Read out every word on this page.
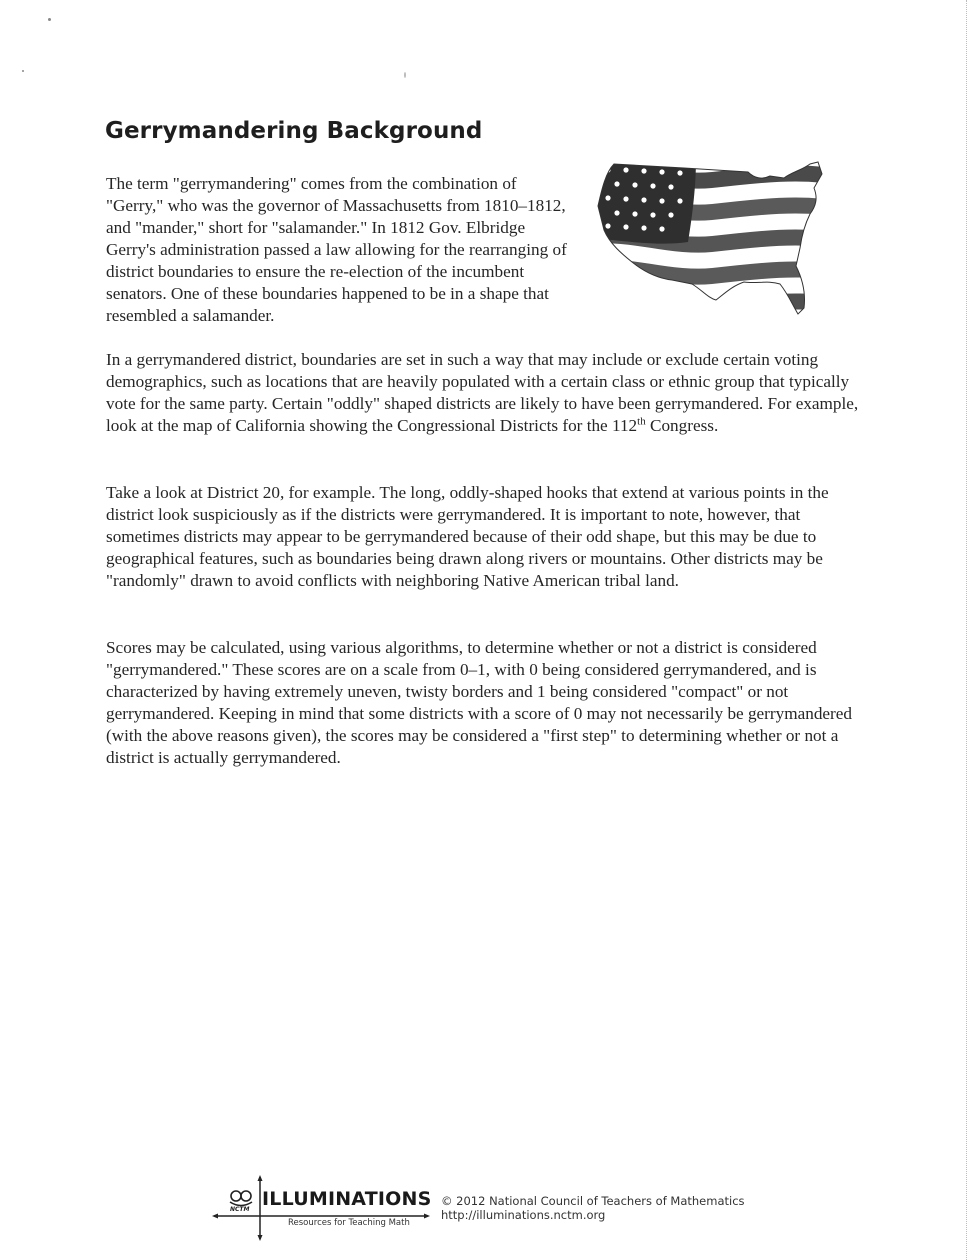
Gerrymandering Background

The term "gerrymandering" comes from the combination of "Gerry," who was the governor of Massachusetts from 1810–1812, and "mander," short for "salamander." In 1812 Gov. Elbridge Gerry's administration passed a law allowing for the rearranging of district boundaries to ensure the re-election of the incumbent senators. One of these boundaries happened to be in a shape that resembled a salamander.

In a gerrymandered district, boundaries are set in such a way that may include or exclude certain voting demographics, such as locations that are heavily populated with a certain class or ethnic group that typically vote for the same party. Certain "oddly" shaped districts are likely to have been gerrymandered. For example, look at the map of California showing the Congressional Districts for the 112th Congress.

Take a look at District 20, for example. The long, oddly-shaped hooks that extend at various points in the district look suspiciously as if the districts were gerrymandered. It is important to note, however, that sometimes districts may appear to be gerrymandered because of their odd shape, but this may be due to geographical features, such as boundaries being drawn along rivers or mountains. Other districts may be "randomly" drawn to avoid conflicts with neighboring Native American tribal land.

Scores may be calculated, using various algorithms, to determine whether or not a district is considered "gerrymandered." These scores are on a scale from 0–1, with 0 being considered gerrymandered, and is characterized by having extremely uneven, twisty borders and 1 being considered "compact" or not gerrymandered. Keeping in mind that some districts with a score of 0 may not necessarily be gerrymandered (with the above reasons given), the scores may be considered a "first step" to determining whether or not a district is actually gerrymandered.

NCTM ILLUMINATIONS
Resources for Teaching Math
© 2012 National Council of Teachers of Mathematics
http://illuminations.nctm.org
